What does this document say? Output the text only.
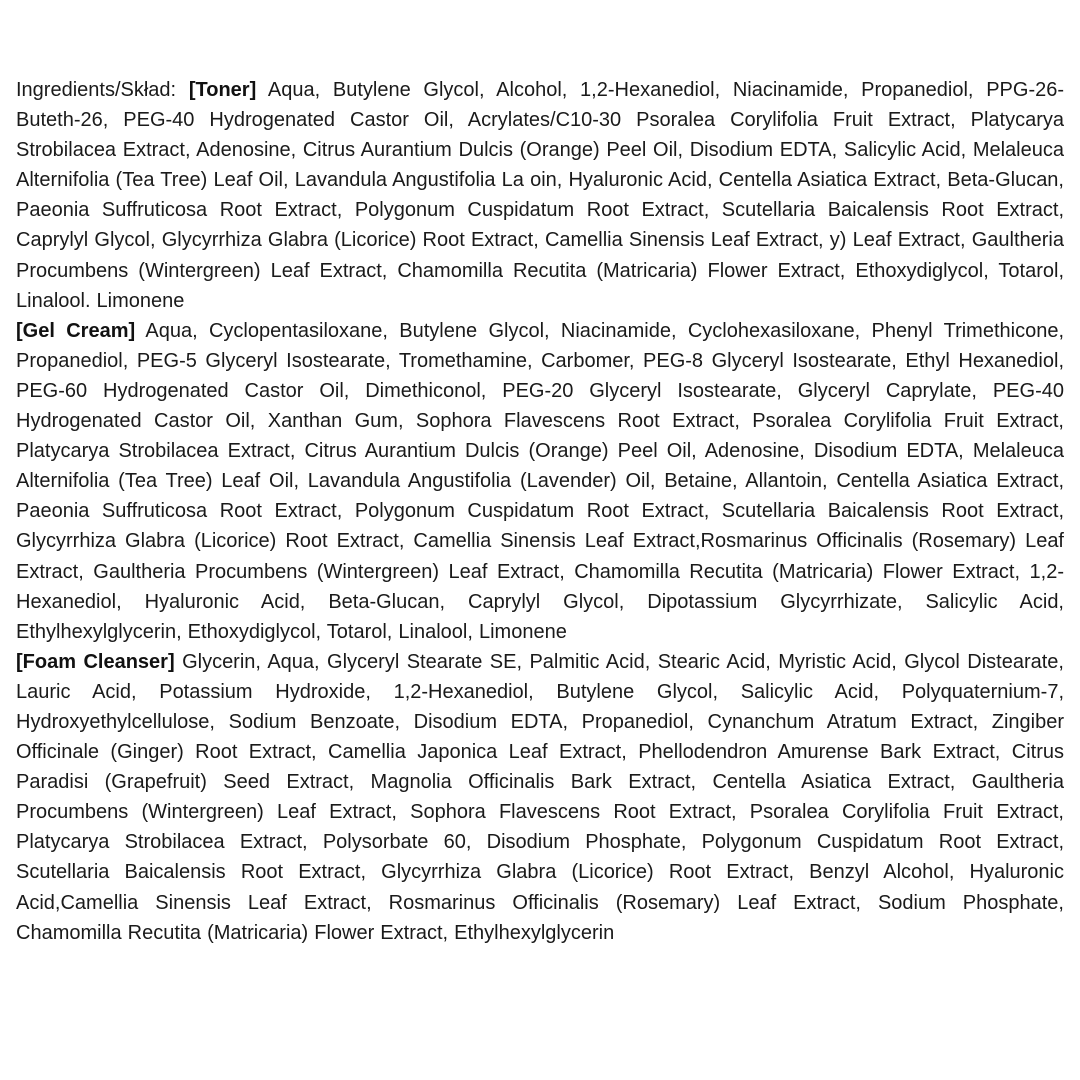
Ingredients/Skład: [Toner] Aqua, Butylene Glycol, Alcohol, 1,2-Hexanediol, Niacinamide, Propanediol, PPG-26-Buteth-26, PEG-40 Hydrogenated Castor Oil, Acrylates/C10-30 Psoralea Corylifolia Fruit Extract, Platycarya Strobilacea Extract, Adenosine, Citrus Aurantium Dulcis (Orange) Peel Oil, Disodium EDTA, Salicylic Acid, Melaleuca Alternifolia (Tea Tree) Leaf Oil, Lavandula Angustifolia La oin, Hyaluronic Acid, Centella Asiatica Extract, Beta-Glucan, Paeonia Suffruticosa Root Extract, Polygonum Cuspidatum Root Extract, Scutellaria Baicalensis Root Extract, Caprylyl Glycol, Glycyrrhiza Glabra (Licorice) Root Extract, Camellia Sinensis Leaf Extract, y) Leaf Extract, Gaultheria Procumbens (Wintergreen) Leaf Extract, Chamomilla Recutita (Matricaria) Flower Extract, Ethoxydiglycol, Totarol, Linalool. Limonene

[Gel Cream] Aqua, Cyclopentasiloxane, Butylene Glycol, Niacinamide, Cyclohexasiloxane, Phenyl Trimethicone, Propanediol, PEG-5 Glyceryl Isostearate, Tromethamine, Carbomer, PEG-8 Glyceryl Isostearate, Ethyl Hexanediol, PEG-60 Hydrogenated Castor Oil, Dimethiconol, PEG-20 Glyceryl Isostearate, Glyceryl Caprylate, PEG-40 Hydrogenated Castor Oil, Xanthan Gum, Sophora Flavescens Root Extract, Psoralea Corylifolia Fruit Extract, Platycarya Strobilacea Extract, Citrus Aurantium Dulcis (Orange) Peel Oil, Adenosine, Disodium EDTA, Melaleuca Alternifolia (Tea Tree) Leaf Oil, Lavandula Angustifolia (Lavender) Oil, Betaine, Allantoin, Centella Asiatica Extract, Paeonia Suffruticosa Root Extract, Polygonum Cuspidatum Root Extract, Scutellaria Baicalensis Root Extract, Glycyrrhiza Glabra (Licorice) Root Extract, Camellia Sinensis Leaf Extract,Rosmarinus Officinalis (Rosemary) Leaf Extract, Gaultheria Procumbens (Wintergreen) Leaf Extract, Chamomilla Recutita (Matricaria) Flower Extract, 1,2-Hexanediol, Hyaluronic Acid, Beta-Glucan, Caprylyl Glycol, Dipotassium Glycyrrhizate, Salicylic Acid, Ethylhexylglycerin, Ethoxydiglycol, Totarol, Linalool, Limonene

[Foam Cleanser] Glycerin, Aqua, Glyceryl Stearate SE, Palmitic Acid, Stearic Acid, Myristic Acid, Glycol Distearate, Lauric Acid, Potassium Hydroxide, 1,2-Hexanediol, Butylene Glycol, Salicylic Acid, Polyquaternium-7, Hydroxyethylcellulose, Sodium Benzoate, Disodium EDTA, Propanediol, Cynanchum Atratum Extract, Zingiber Officinale (Ginger) Root Extract, Camellia Japonica Leaf Extract, Phellodendron Amurense Bark Extract, Citrus Paradisi (Grapefruit) Seed Extract, Magnolia Officinalis Bark Extract, Centella Asiatica Extract, Gaultheria Procumbens (Wintergreen) Leaf Extract, Sophora Flavescens Root Extract, Psoralea Corylifolia Fruit Extract, Platycarya Strobilacea Extract, Polysorbate 60, Disodium Phosphate, Polygonum Cuspidatum Root Extract, Scutellaria Baicalensis Root Extract, Glycyrrhiza Glabra (Licorice) Root Extract, Benzyl Alcohol, Hyaluronic Acid,Camellia Sinensis Leaf Extract, Rosmarinus Officinalis (Rosemary) Leaf Extract, Sodium Phosphate, Chamomilla Recutita (Matricaria) Flower Extract, Ethylhexylglycerin
